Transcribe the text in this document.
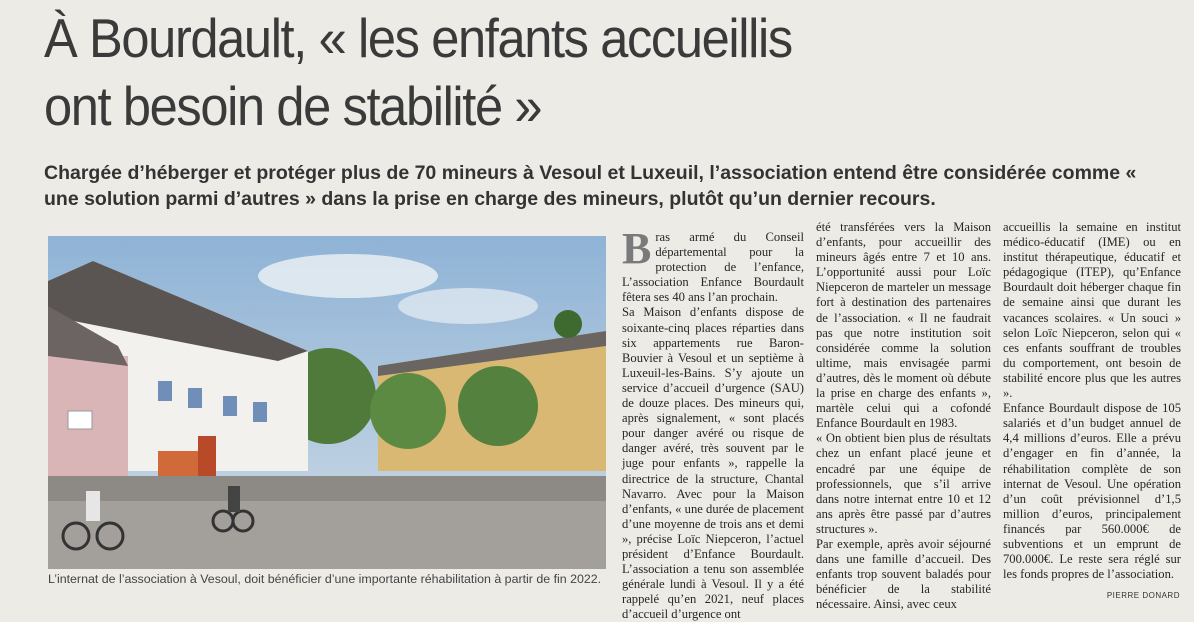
À Bourdault, « les enfants accueillis
ont besoin de stabilité »
Chargée d’héberger et protéger plus de 70 mineurs à Vesoul et Luxeuil, l’association entend être considérée comme « une solution parmi d’autres » dans la prise en charge des mineurs, plutôt qu’un dernier recours.
L’internat de l’association à Vesoul, doit bénéficier d’une importante réhabilitation à partir de fin 2022.

Bras armé du Conseil départemental pour la protection de l’enfance, L’association Enfance Bourdault fêtera ses 40 ans l’an prochain.

Sa Maison d’enfants dispose de soixante-cinq places réparties dans six appartements rue Baron-Bouvier à Vesoul et un septième à Luxeuil-les-Bains. S’y ajoute un service d’accueil d’urgence (SAU) de douze places. Des mineurs qui, après signalement, « sont placés pour danger avéré ou risque de danger avéré, très souvent par le juge pour enfants », rappelle la directrice de la structure, Chantal Navarro. Avec pour la Maison d’enfants, « une durée de placement d’une moyenne de trois ans et demi », précise Loïc Niepceron, l’actuel président d’Enfance Bourdault. L’association a tenu son assemblée générale lundi à Vesoul. Il y a été rappelé qu’en 2021, neuf places d’accueil d’urgence ont

été transférées vers la Maison d’enfants, pour accueillir des mineurs âgés entre 7 et 10 ans. L’opportunité aussi pour Loïc Niepceron de marteler un message fort à destination des partenaires de l’association. « Il ne faudrait pas que notre institution soit considérée comme la solution ultime, mais envisagée parmi d’autres, dès le moment où débute la prise en charge des enfants », martèle celui qui a cofondé Enfance Bourdault en 1983.

« On obtient bien plus de résultats chez un enfant placé jeune et encadré par une équipe de professionnels, que s’il arrive dans notre internat entre 10 et 12 ans après être passé par d’autres structures ».

Par exemple, après avoir séjourné dans une famille d’accueil. Des enfants trop souvent baladés pour bénéficier de la stabilité nécessaire. Ainsi, avec ceux

accueillis la semaine en institut médico-éducatif (IME) ou en institut thérapeutique, éducatif et pédagogique (ITEP), qu’Enfance Bourdault doit héberger chaque fin de semaine ainsi que durant les vacances scolaires. « Un souci » selon Loïc Niepceron, selon qui « ces enfants souffrant de troubles du comportement, ont besoin de stabilité encore plus que les autres ».

Enfance Bourdault dispose de 105 salariés et d’un budget annuel de 4,4 millions d’euros. Elle a prévu d’engager en fin d’année, la réhabilitation complète de son internat de Vesoul. Une opération d’un coût prévisionnel d’1,5 million d’euros, principalement financés par 560.000€ de subventions et un emprunt de 700.000€. Le reste sera réglé sur les fonds propres de l’association.

PIERRE DONARD
